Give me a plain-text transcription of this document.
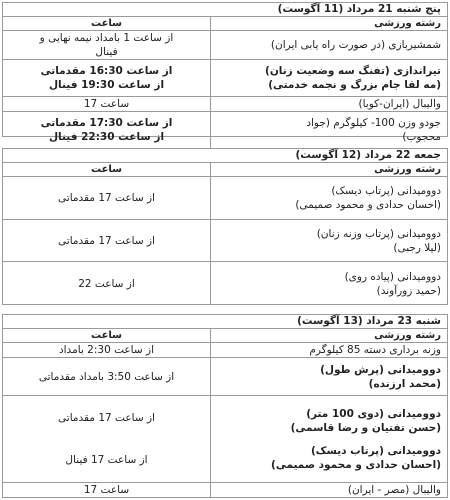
پنج شنبه 21 مرداد (11 آگوست)
رشته ورزشی
ساعت
شمشیربازی (در صورت راه یابی ایران)
از ساعت 1 بامداد نیمه نهایی و
فینال
تیراندازی (تفنگ سه وضعیت زنان)
(مه لقا جام بزرگ و نجمه خدمتی)
از ساعت 16:30 مقدماتی
از ساعت 19:30 فینال
والیبال (ایران-کوبا)
ساعت 17
جودو وزن 100- کیلوگرم (جواد
محجوب)
از ساعت 17:30 مقدماتی
از ساعت 22:30 فینال
جمعه 22 مرداد (12 آگوست)
رشته ورزشی
ساعت
دوومیدانی (پرتاب دیسک)
(احسان حدادی و محمود صمیمی)
از ساعت 17 مقدماتی
دوومیدانی (پرتاب وزنه زنان)
(لیلا رجبی)
از ساعت 17 مقدماتی
دوومیدانی (پیاده روی)
(حمید زورآوند)
از ساعت 22
شنبه 23 مرداد (13 آگوست)
رشته ورزشی
ساعت
وزنه برداری دسته 85 کیلوگرم
از ساعت 2:30 بامداد
دوومیدانی (پرش طول)
(محمد ارزنده)
از ساعت 3:50 بامداد مقدماتی
دوومیدانی (دوی 100 متر)
(حسن تفتیان و رضا قاسمی)
دوومیدانی (پرتاب دیسک)
(احسان حدادی و محمود صمیمی)
از ساعت 17 مقدماتی
از ساعت 17 فینال
والیبال (مصر - ایران)
ساعت 17
